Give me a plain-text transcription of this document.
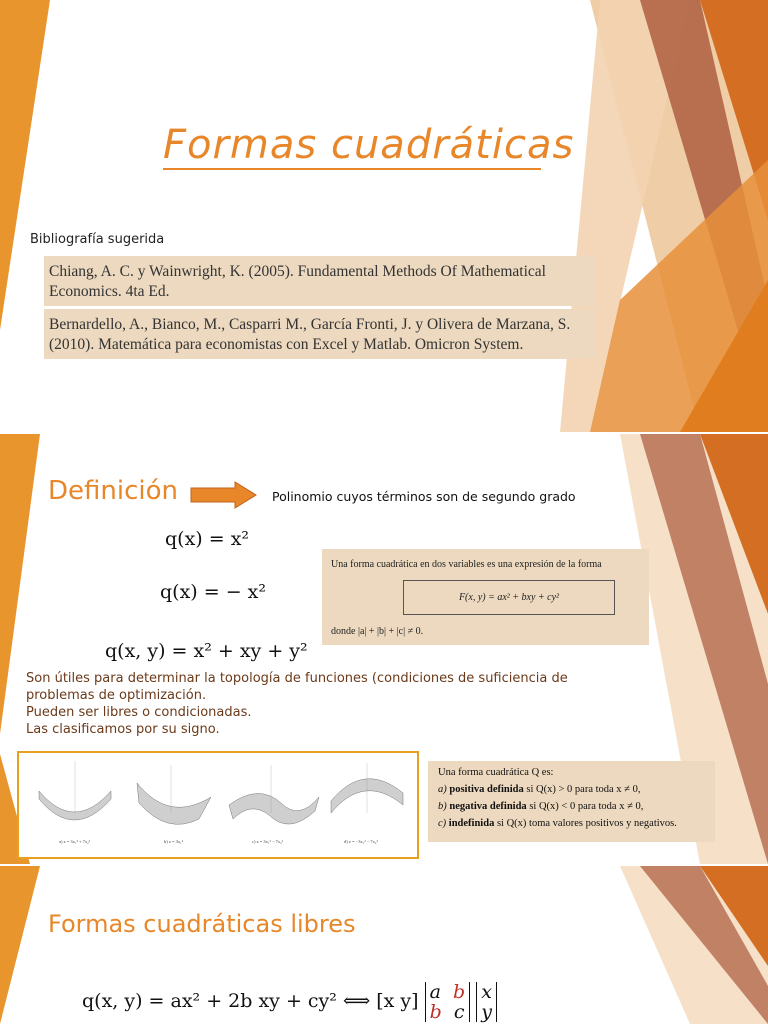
Formas cuadráticas
Bibliografía sugerida
Chiang, A. C. y Wainwright, K. (2005). Fundamental Methods Of Mathematical Economics. 4ta Ed.
Bernardello, A., Bianco, M., Casparri M., García Fronti, J. y Olivera de Marzana, S. (2010). Matemática para economistas con Excel y Matlab. Omicron System.
Definición	Polinomio cuyos términos son de segundo grado
q(x) = x²
q(x) = − x²
q(x, y) = x² + xy + y²
Una forma cuadrática en dos variables es una expresión de la forma
F(x, y) = ax² + bxy + cy²
donde |a| + |b| + |c| ≠ 0.
Son útiles para determinar la topología de funciones (condiciones de suficiencia de problemas de optimización.
Pueden ser libres o condicionadas.
Las clasificamos por su signo.
a) z = 3x₁² + 7x₂²	b) z = 3x₁²	c) z = 3x₁² − 7x₂²	d) z = −3x₁² − 7x₂²
Una forma cuadrática Q es:
a) positiva definida si Q(x) > 0 para toda x ≠ 0,
b) negativa definida si Q(x) < 0 para toda x ≠ 0,
c) indefinida si Q(x) toma valores positivos y negativos.
Formas cuadráticas libres
q(x, y) = ax² + 2b xy + cy² ⟺ [x y] a b
b c x
y
